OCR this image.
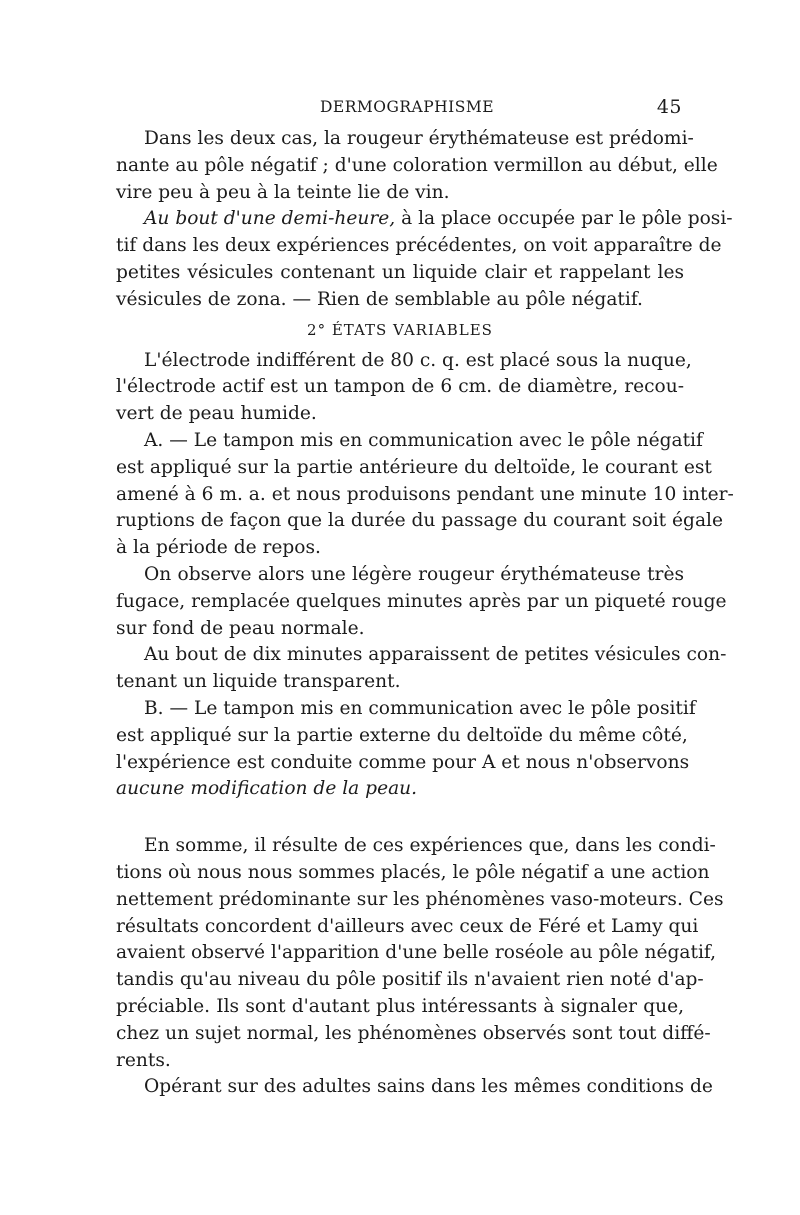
DERMOGRAPHISME	45

Dans les deux cas, la rougeur érythémateuse est prédomi-
nante au pôle négatif ; d'une coloration vermillon au début, elle
vire peu à peu à la teinte lie de vin.

Au bout d'une demi-heure, à la place occupée par le pôle posi-
tif dans les deux expériences précédentes, on voit apparaître de
petites vésicules contenant un liquide clair et rappelant les
vésicules de zona. — Rien de semblable au pôle négatif.

2° ÉTATS VARIABLES

L'électrode indifférent de 80 c. q. est placé sous la nuque,
l'électrode actif est un tampon de 6 cm. de diamètre, recou-
vert de peau humide.

A. — Le tampon mis en communication avec le pôle négatif
est appliqué sur la partie antérieure du deltoïde, le courant est
amené à 6 m. a. et nous produisons pendant une minute 10 inter-
ruptions de façon que la durée du passage du courant soit égale
à la période de repos.

On observe alors une légère rougeur érythémateuse très
fugace, remplacée quelques minutes après par un piqueté rouge
sur fond de peau normale.

Au bout de dix minutes apparaissent de petites vésicules con-
tenant un liquide transparent.

B. — Le tampon mis en communication avec le pôle positif
est appliqué sur la partie externe du deltoïde du même côté,
l'expérience est conduite comme pour A et nous n'observons
aucune modification de la peau.

En somme, il résulte de ces expériences que, dans les condi-
tions où nous nous sommes placés, le pôle négatif a une action
nettement prédominante sur les phénomènes vaso-moteurs. Ces
résultats concordent d'ailleurs avec ceux de Féré et Lamy qui
avaient observé l'apparition d'une belle roséole au pôle négatif,
tandis qu'au niveau du pôle positif ils n'avaient rien noté d'ap-
préciable. Ils sont d'autant plus intéressants à signaler que,
chez un sujet normal, les phénomènes observés sont tout diffé-
rents.

Opérant sur des adultes sains dans les mêmes conditions de
